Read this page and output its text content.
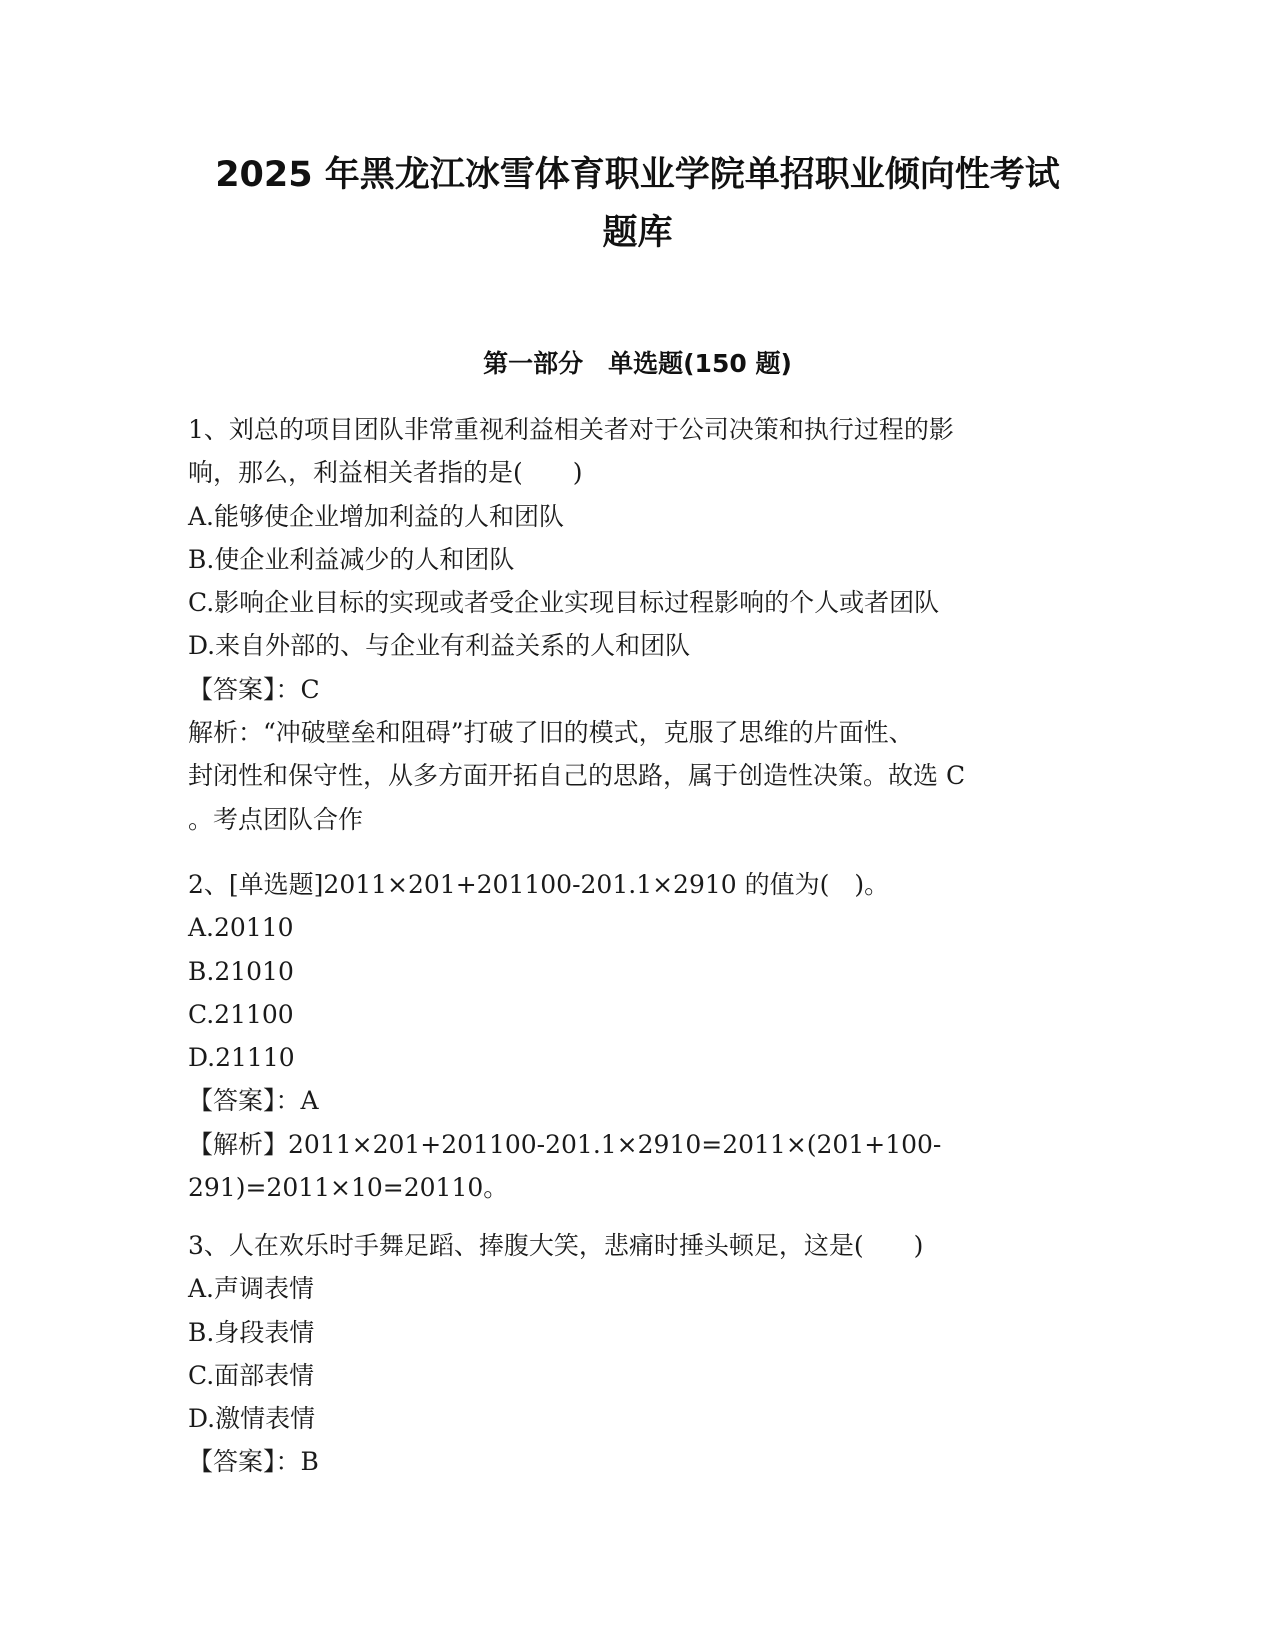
2025 年黑龙江冰雪体育职业学院单招职业倾向性考试
题库
第一部分　单选题(150 题)
1、刘总的项目团队非常重视利益相关者对于公司决策和执行过程的影
响，那么，利益相关者指的是(　　)
A.能够使企业增加利益的人和团队
B.使企业利益减少的人和团队
C.影响企业目标的实现或者受企业实现目标过程影响的个人或者团队
D.来自外部的、与企业有利益关系的人和团队
【答案】：C
解析：“冲破壁垒和阻碍”打破了旧的模式，克服了思维的片面性、
封闭性和保守性，从多方面开拓自己的思路，属于创造性决策。故选 C
。考点团队合作
2、[单选题]2011×201+201100-201.1×2910 的值为(　)。
A.20110
B.21010
C.21100
D.21110
【答案】：A
【解析】2011×201+201100-201.1×2910=2011×(201+100-
291)=2011×10=20110。
3、人在欢乐时手舞足蹈、捧腹大笑，悲痛时捶头顿足，这是(　　)
A.声调表情
B.身段表情
C.面部表情
D.激情表情
【答案】：B
